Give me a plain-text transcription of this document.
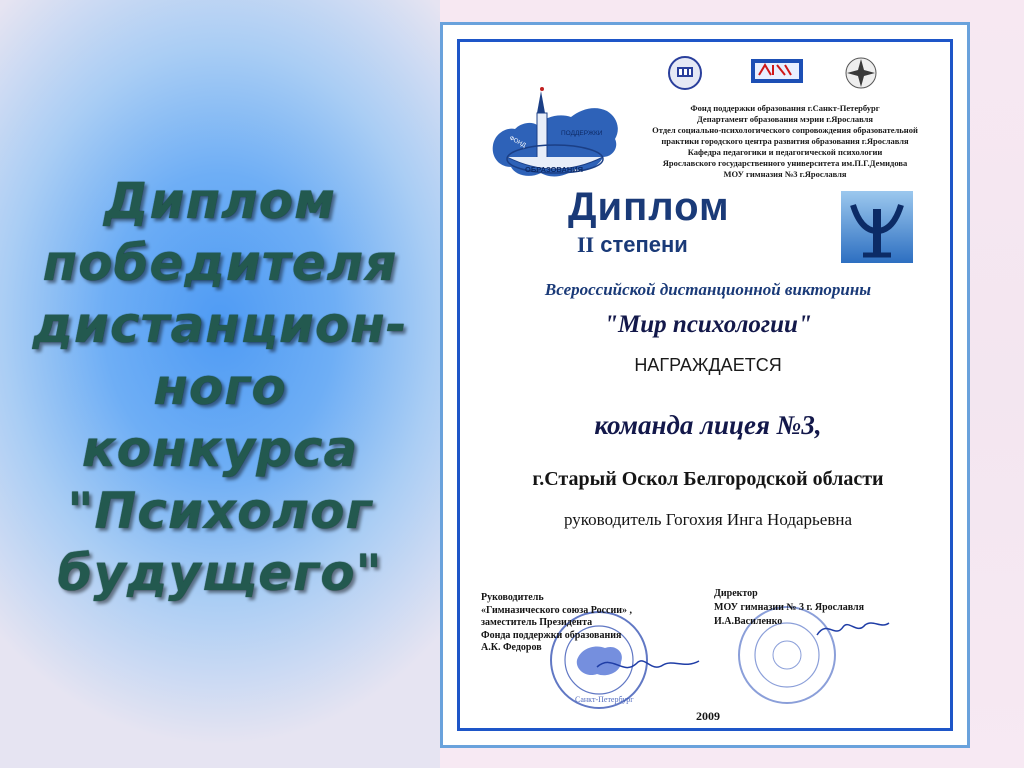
Диплом
победителя
дистанцион-
ного
конкурса
"Психолог
будущего"
ФОНД
ПОДДЕРЖКИ
ОБРАЗОВАНИЯ
Фонд поддержки образования г.Санкт-Петербург
Департамент образования мэрии г.Ярославля
Отдел социально-психологического сопровождения образовательной
практики городского центра развития образования г.Ярославля
Кафедра педагогики и педагогической психологии
Ярославского государственного университета им.П.Г.Демидова
МОУ гимназия №3 г.Ярославля
Диплом
II степени
Всероссийской дистанционной викторины
"Мир психологии"
НАГРАЖДАЕТСЯ
команда лицея №3,
г.Старый Оскол Белгородской области
руководитель Гогохия Инга Нодарьевна
Санкт-Петербург
Руководитель
«Гимназического союза России» ,
заместитель Президента
Фонда поддержки образования
А.К. Федоров
Директор
МОУ гимназии № 3 г. Ярославля
И.А.Василенко
2009
